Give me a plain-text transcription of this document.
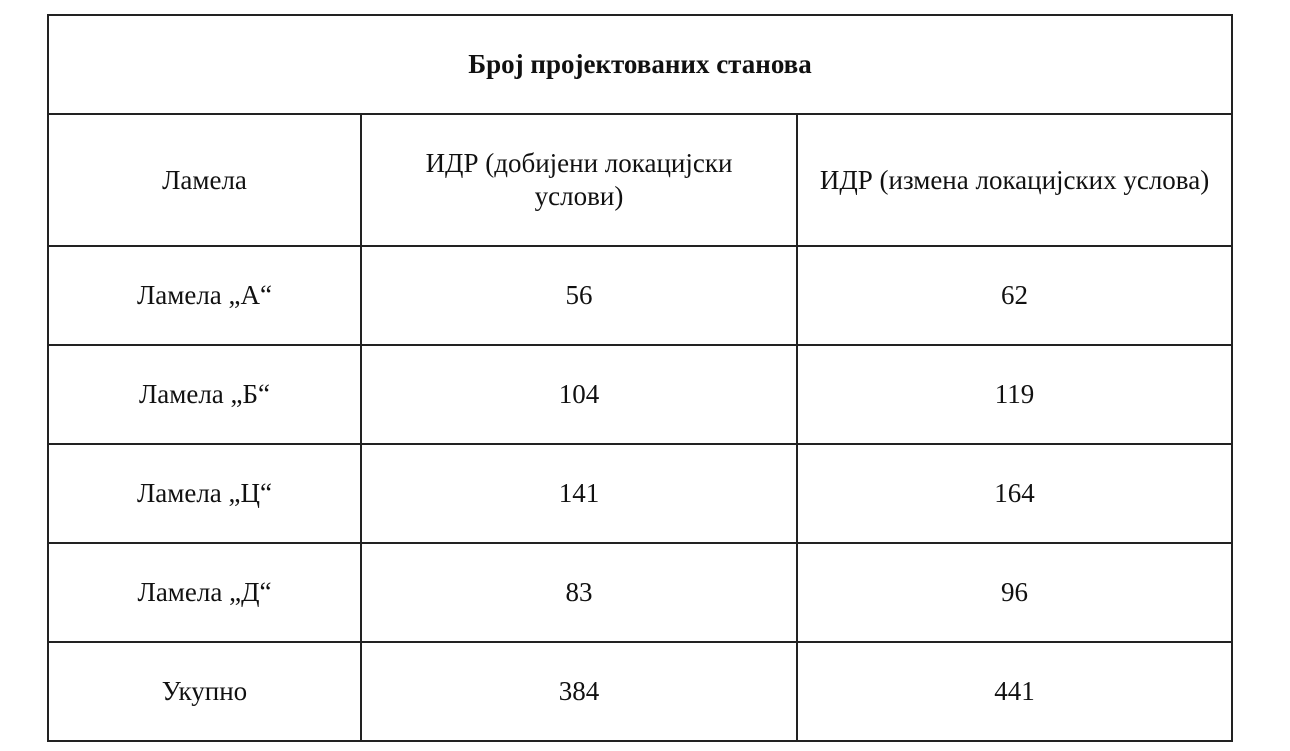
Број пројектованих станова		
Ламела	ИДР (добијени локацијски услови)	ИДР (измена локацијских услова)
Ламела „А“	56	62
Ламела „Б“	104	119
Ламела „Ц“	141	164
Ламела „Д“	83	96
Укупно	384	441
